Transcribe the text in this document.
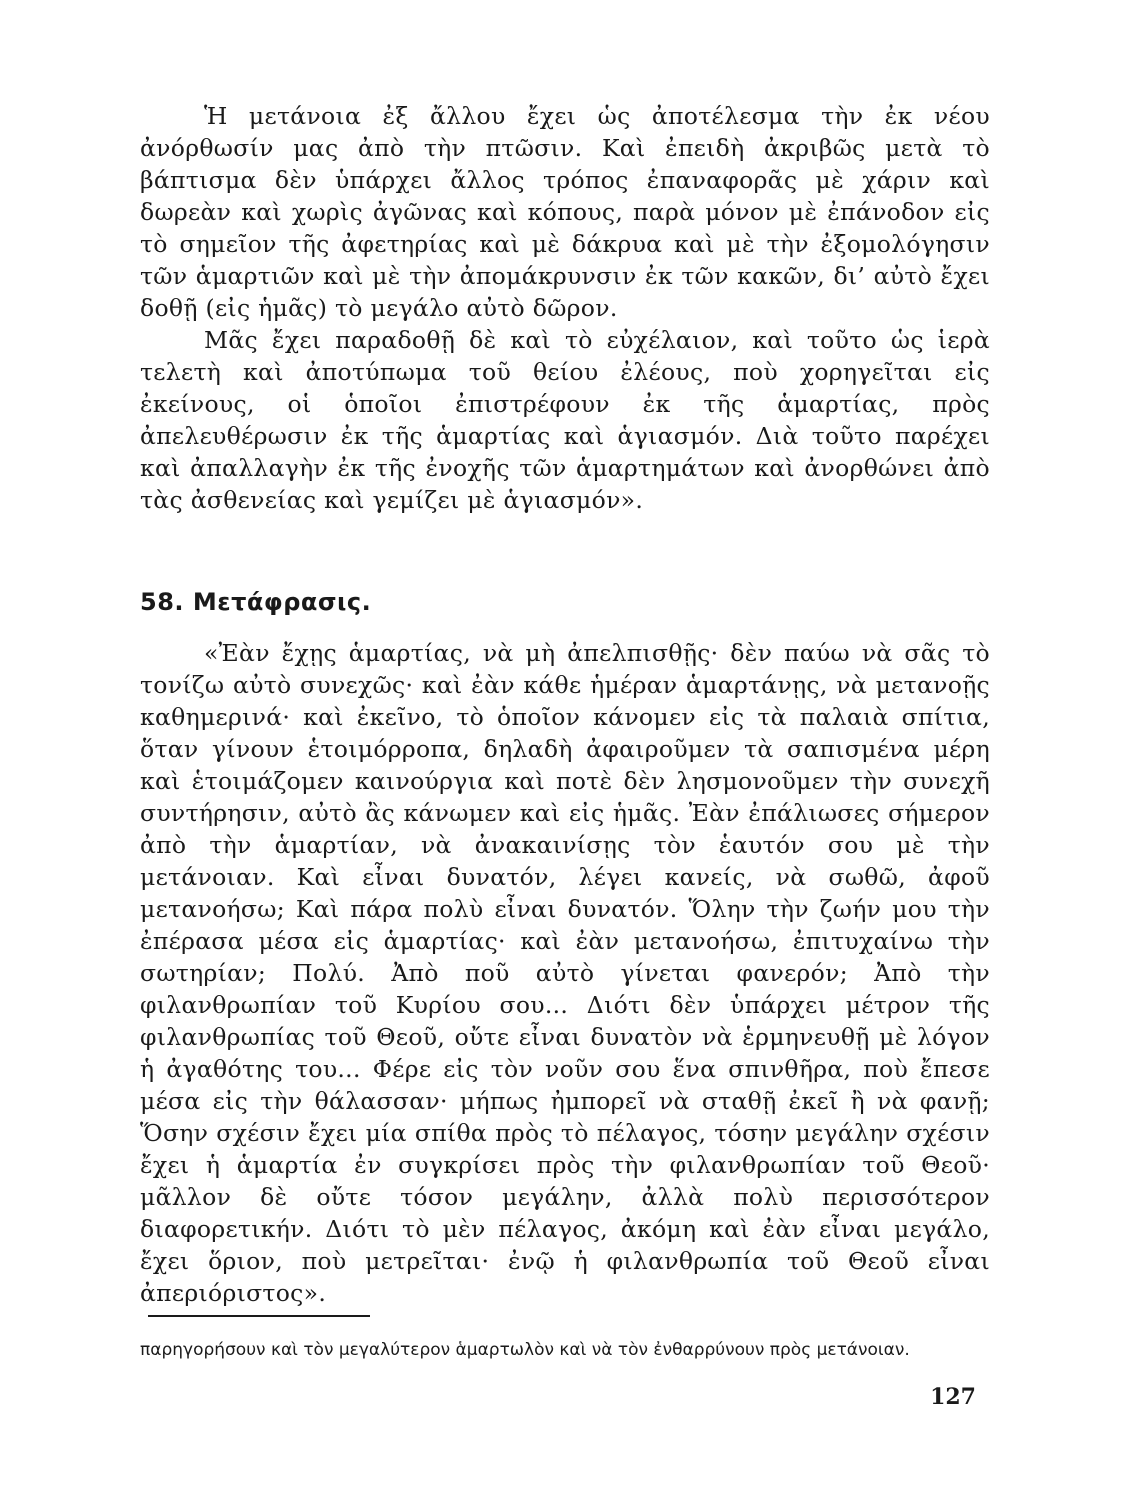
Ἡ μετάνοια ἐξ ἄλλου ἔχει ὡς ἀποτέλεσμα τὴν ἐκ νέου ἀνόρθωσίν μας ἀπὸ τὴν πτῶσιν. Καὶ ἐπειδὴ ἀκριβῶς μετὰ τὸ βάπτισμα δὲν ὑπάρχει ἄλλος τρόπος ἐπαναφορᾶς μὲ χάριν καὶ δωρεὰν καὶ χωρὶς ἀγῶνας καὶ κόπους, παρὰ μόνον μὲ ἐπάνοδον εἰς τὸ σημεῖον τῆς ἀφετηρίας καὶ μὲ δάκρυα καὶ μὲ τὴν ἐξομολόγησιν τῶν ἁμαρτιῶν καὶ μὲ τὴν ἀπομάκρυνσιν ἐκ τῶν κακῶν, δι’ αὐτὸ ἔχει δοθῇ (εἰς ἡμᾶς) τὸ μεγάλο αὐτὸ δῶρον.

Μᾶς ἔχει παραδοθῇ δὲ καὶ τὸ εὐχέλαιον, καὶ τοῦτο ὡς ἱερὰ τελετὴ καὶ ἀποτύπωμα τοῦ θείου ἐλέους, ποὺ χορηγεῖται εἰς ἐκείνους, οἱ ὁποῖοι ἐπιστρέφουν ἐκ τῆς ἁμαρτίας, πρὸς ἀπελευθέρωσιν ἐκ τῆς ἁμαρτίας καὶ ἁγιασμόν. Διὰ τοῦτο παρέχει καὶ ἀπαλλαγὴν ἐκ τῆς ἐνοχῆς τῶν ἁμαρτημάτων καὶ ἀνορθώνει ἀπὸ τὰς ἀσθενείας καὶ γεμίζει μὲ ἁγιασμόν».

58. Μετάφρασις.

«Ἐὰν ἔχῃς ἁμαρτίας, νὰ μὴ ἀπελπισθῇς· δὲν παύω νὰ σᾶς τὸ τονίζω αὐτὸ συνεχῶς· καὶ ἐὰν κάθε ἡμέραν ἁμαρτάνῃς, νὰ μετανοῇς καθημερινά· καὶ ἐκεῖνο, τὸ ὁποῖον κάνομεν εἰς τὰ παλαιὰ σπίτια, ὅταν γίνουν ἑτοιμόρροπα, δηλαδὴ ἀφαιροῦμεν τὰ σαπισμένα μέρη καὶ ἑτοιμάζομεν καινούργια καὶ ποτὲ δὲν λησμονοῦμεν τὴν συνεχῆ συντήρησιν, αὐτὸ ἂς κάνωμεν καὶ εἰς ἡμᾶς. Ἐὰν ἐπάλιωσες σήμερον ἀπὸ τὴν ἁμαρτίαν, νὰ ἀνακαινίσῃς τὸν ἑαυτόν σου μὲ τὴν μετάνοιαν. Καὶ εἶναι δυνατόν, λέγει κανείς, νὰ σωθῶ, ἀφοῦ μετανοήσω; Καὶ πάρα πολὺ εἶναι δυνατόν. Ὅλην τὴν ζωήν μου τὴν ἐπέρασα μέσα εἰς ἁμαρτίας· καὶ ἐὰν μετανοήσω, ἐπιτυχαίνω τὴν σωτηρίαν; Πολύ. Ἀπὸ ποῦ αὐτὸ γίνεται φανερόν; Ἀπὸ τὴν φιλανθρωπίαν τοῦ Κυρίου σου... Διότι δὲν ὑπάρχει μέτρον τῆς φιλανθρωπίας τοῦ Θεοῦ, οὔτε εἶναι δυνατὸν νὰ ἑρμηνευθῇ μὲ λόγον ἡ ἀγαθότης του... Φέρε εἰς τὸν νοῦν σου ἕνα σπινθῆρα, ποὺ ἔπεσε μέσα εἰς τὴν θάλασσαν· μήπως ἠμπορεῖ νὰ σταθῇ ἐκεῖ ἢ νὰ φανῇ; Ὅσην σχέσιν ἔχει μία σπίθα πρὸς τὸ πέλαγος, τόσην μεγάλην σχέσιν ἔχει ἡ ἁμαρτία ἐν συγκρίσει πρὸς τὴν φιλανθρωπίαν τοῦ Θεοῦ· μᾶλλον δὲ οὔτε τόσον μεγάλην, ἀλλὰ πολὺ περισσότερον διαφορετικήν. Διότι τὸ μὲν πέλαγος, ἀκόμη καὶ ἐὰν εἶναι μεγάλο, ἔχει ὅριον, ποὺ μετρεῖται· ἐνῷ ἡ φιλανθρωπία τοῦ Θεοῦ εἶναι ἀπεριόριστος».

παρηγορήσουν καὶ τὸν μεγαλύτερον ἁμαρτωλὸν καὶ νὰ τὸν ἐνθαρρύνουν πρὸς μετάνοιαν.

127
